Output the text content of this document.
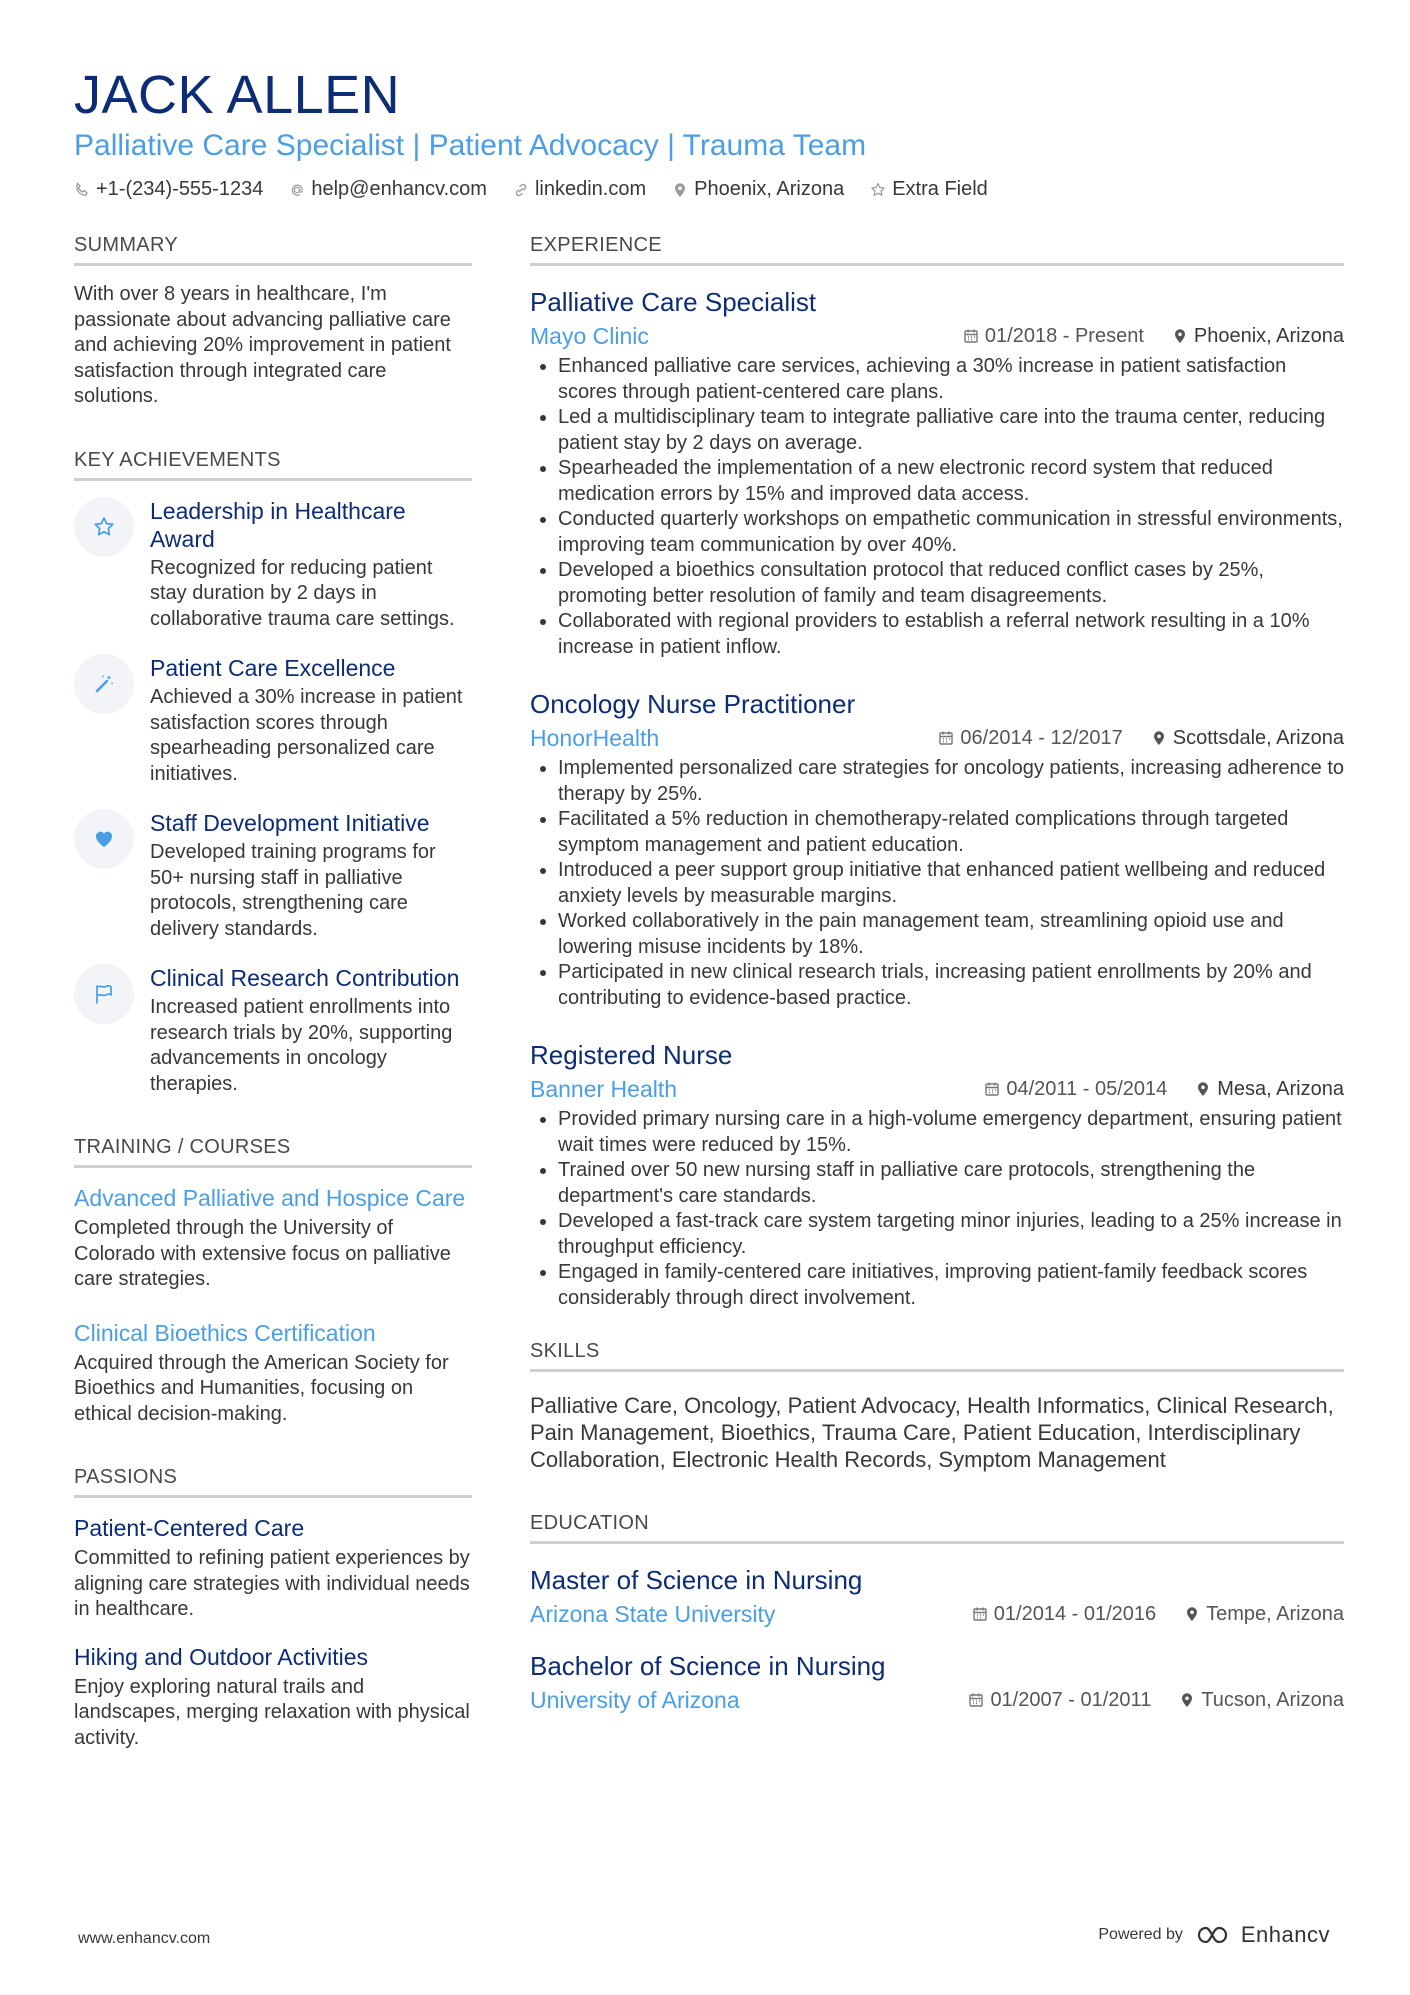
JACK ALLEN
Palliative Care Specialist | Patient Advocacy | Trauma Team
+1-(234)-555-1234 help@enhancv.com linkedin.com Phoenix, Arizona Extra Field
SUMMARY
With over 8 years in healthcare, I'm passionate about advancing palliative care and achieving 20% improvement in patient satisfaction through integrated care solutions.
KEY ACHIEVEMENTS
Leadership in Healthcare Award
Recognized for reducing patient stay duration by 2 days in collaborative trauma care settings.
Patient Care Excellence
Achieved a 30% increase in patient satisfaction scores through spearheading personalized care initiatives.
Staff Development Initiative
Developed training programs for 50+ nursing staff in palliative protocols, strengthening care delivery standards.
Clinical Research Contribution
Increased patient enrollments into research trials by 20%, supporting advancements in oncology therapies.
TRAINING / COURSES
Advanced Palliative and Hospice Care
Completed through the University of Colorado with extensive focus on palliative care strategies.
Clinical Bioethics Certification
Acquired through the American Society for Bioethics and Humanities, focusing on ethical decision-making.
PASSIONS
Patient-Centered Care
Committed to refining patient experiences by aligning care strategies with individual needs in healthcare.
Hiking and Outdoor Activities
Enjoy exploring natural trails and landscapes, merging relaxation with physical activity.
EXPERIENCE
Palliative Care Specialist
Mayo Clinic	01/2018 - Present	Phoenix, Arizona
• Enhanced palliative care services, achieving a 30% increase in patient satisfaction scores through patient-centered care plans.
• Led a multidisciplinary team to integrate palliative care into the trauma center, reducing patient stay by 2 days on average.
• Spearheaded the implementation of a new electronic record system that reduced medication errors by 15% and improved data access.
• Conducted quarterly workshops on empathetic communication in stressful environments, improving team communication by over 40%.
• Developed a bioethics consultation protocol that reduced conflict cases by 25%, promoting better resolution of family and team disagreements.
• Collaborated with regional providers to establish a referral network resulting in a 10% increase in patient inflow.
Oncology Nurse Practitioner
HonorHealth	06/2014 - 12/2017	Scottsdale, Arizona
• Implemented personalized care strategies for oncology patients, increasing adherence to therapy by 25%.
• Facilitated a 5% reduction in chemotherapy-related complications through targeted symptom management and patient education.
• Introduced a peer support group initiative that enhanced patient wellbeing and reduced anxiety levels by measurable margins.
• Worked collaboratively in the pain management team, streamlining opioid use and lowering misuse incidents by 18%.
• Participated in new clinical research trials, increasing patient enrollments by 20% and contributing to evidence-based practice.
Registered Nurse
Banner Health	04/2011 - 05/2014	Mesa, Arizona
• Provided primary nursing care in a high-volume emergency department, ensuring patient wait times were reduced by 15%.
• Trained over 50 new nursing staff in palliative care protocols, strengthening the department's care standards.
• Developed a fast-track care system targeting minor injuries, leading to a 25% increase in throughput efficiency.
• Engaged in family-centered care initiatives, improving patient-family feedback scores considerably through direct involvement.
SKILLS
Palliative Care, Oncology, Patient Advocacy, Health Informatics, Clinical Research, Pain Management, Bioethics, Trauma Care, Patient Education, Interdisciplinary Collaboration, Electronic Health Records, Symptom Management
EDUCATION
Master of Science in Nursing
Arizona State University	01/2014 - 01/2016	Tempe, Arizona
Bachelor of Science in Nursing
University of Arizona	01/2007 - 01/2011	Tucson, Arizona
www.enhancv.com	Powered by	Enhancv
